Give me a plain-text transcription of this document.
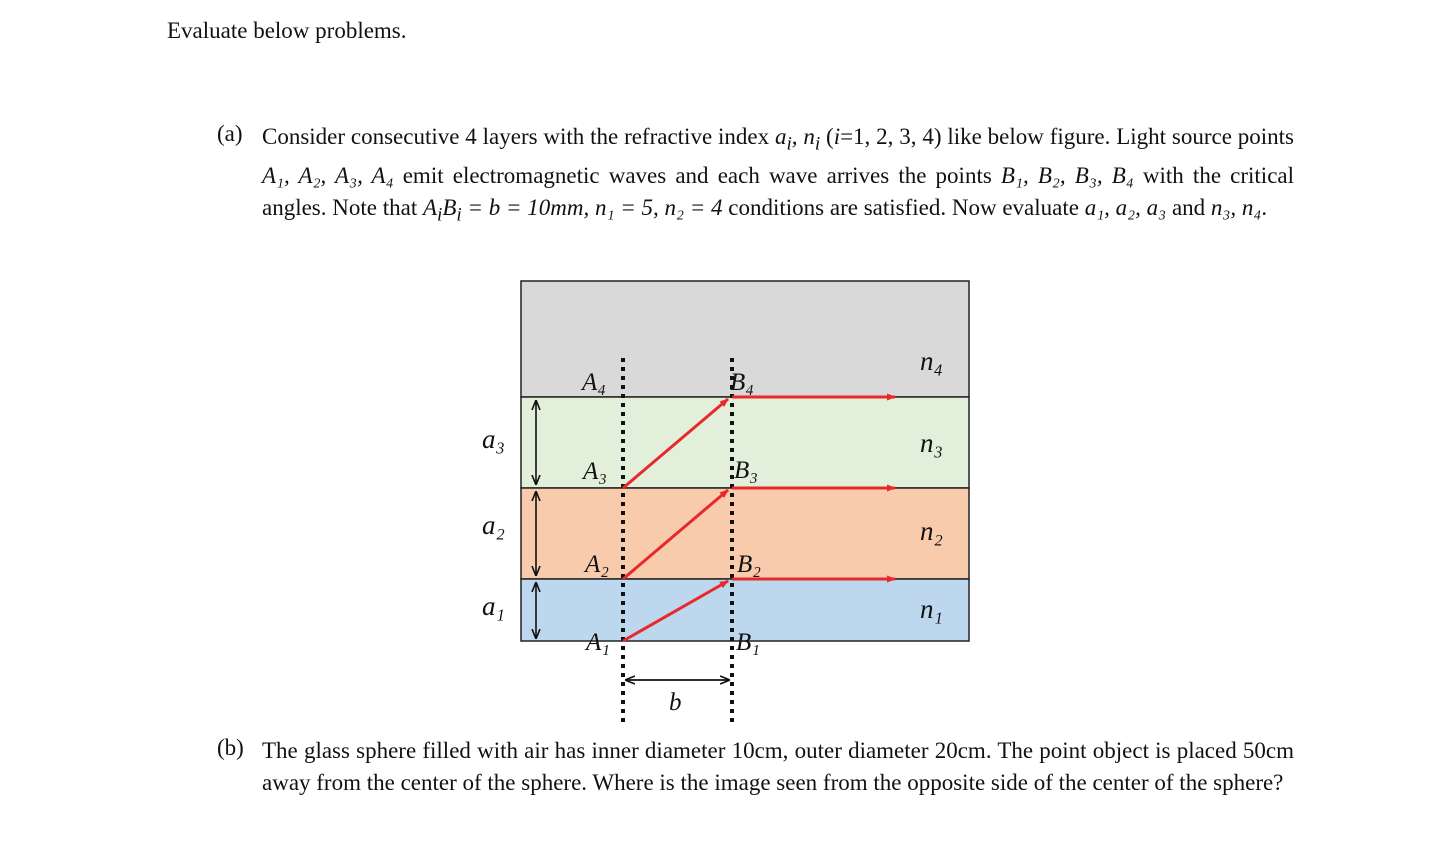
Evaluate below problems.
(a) Consider consecutive 4 layers with the refractive index $a_i$, $n_i$ (i=1, 2, 3, 4) like below figure. Light source points A₁, A₂, A₃, A₄ emit electromagnetic waves and each wave arrives the points B₁, B₂, B₃, B₄ with the critical angles. Note that $A_iB_i = b = 10mm$, n₁ = 5, n₂ = 4 conditions are satisfied. Now evaluate a₁, a₂, a₃ and n₃, n₄.
n₄
n₃
n₂
n₁
a₃
a₂
a₁
A₄
A₃
A₂
A₁
B₄
B₃
B₂
B₁
b
(b) The glass sphere filled with air has inner diameter 10cm, outer diameter 20cm. The point object is placed 50cm away from the center of the sphere. Where is the image seen from the opposite side of the center of the sphere?
